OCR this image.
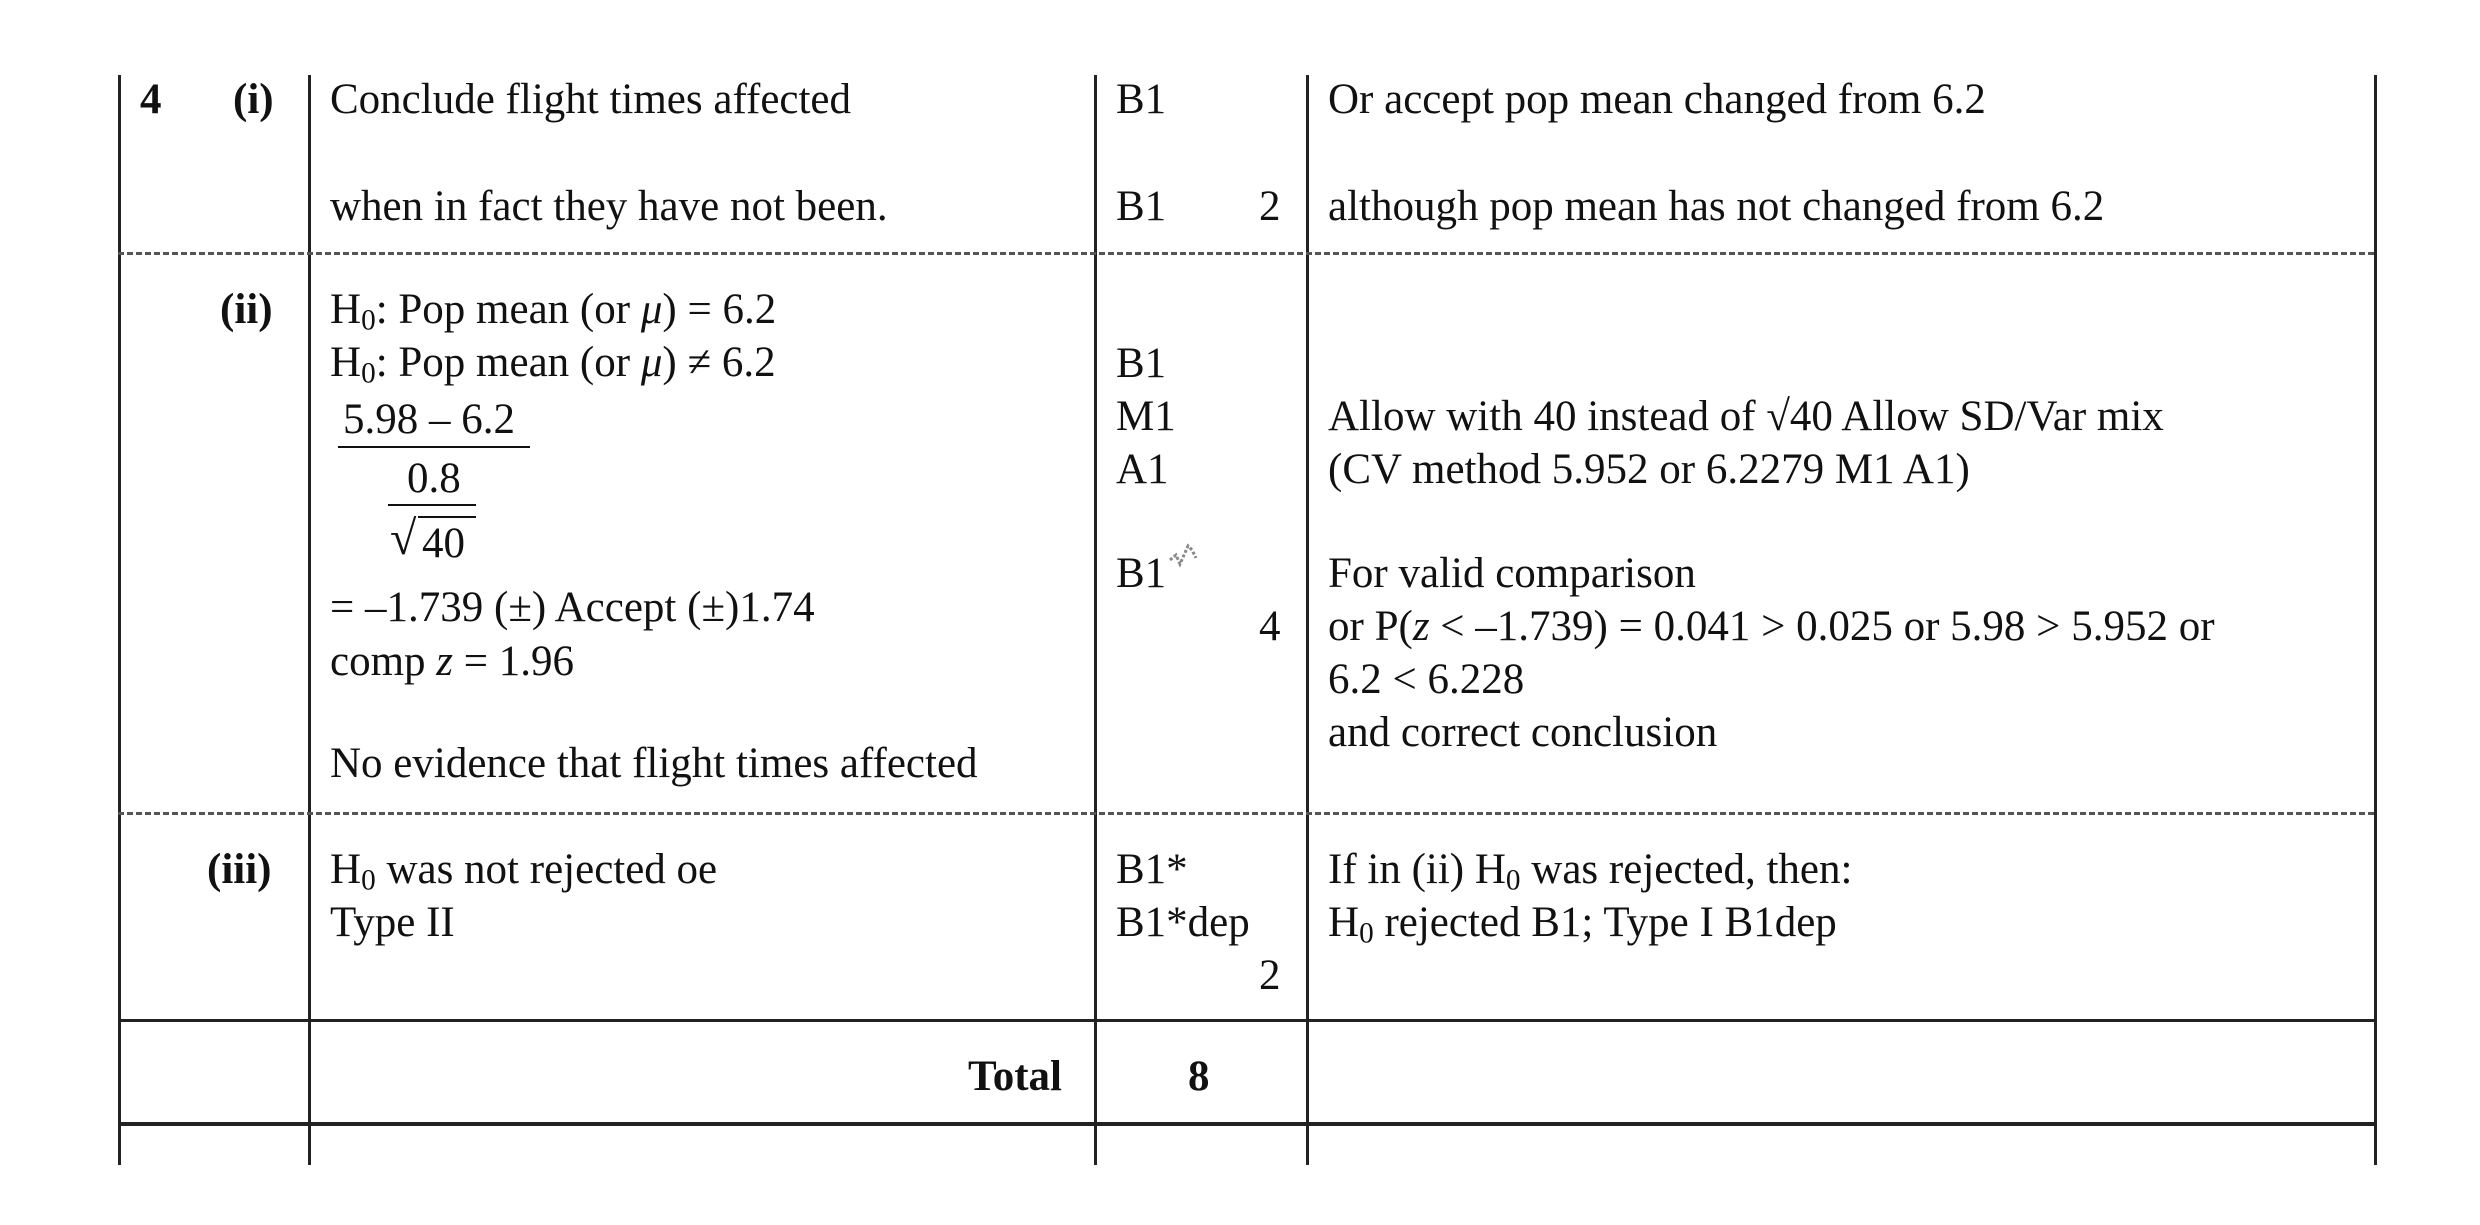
4 (i) Conclude flight times affected
when in fact they have not been.
B1
B1 2
Or accept pop mean changed from 6.2
although pop mean has not changed from 6.2
(ii) $H_0$: Pop mean (or μ) = 6.2
$H_0$: Pop mean (or μ) ≠ 6.2
5.98 – 6.2
0.8
√ 40
= –1.739 (±) Accept (±)1.74
comp z = 1.96
No evidence that flight times affected
B1
M1
A1
B1
4
Allow with 40 instead of √40 Allow SD/Var mix
(CV method 5.952 or 6.2279 M1 A1)
For valid comparison
or P(z < –1.739) = 0.041 > 0.025 or 5.98 > 5.952 or
6.2 < 6.228
and correct conclusion
(iii) $H_0$ was not rejected oe
Type II
B1*
B1*dep
2
If in (ii) $H_0$ was rejected, then:
$H_0$ rejected B1; Type I B1dep
Total	8
